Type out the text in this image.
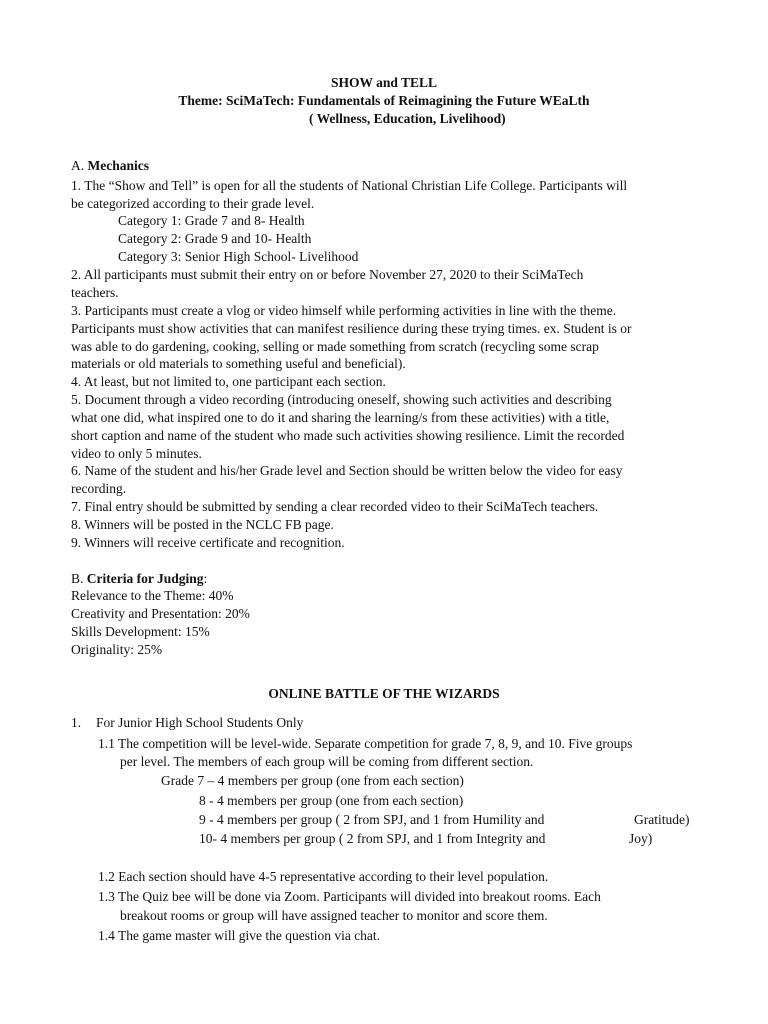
SHOW and TELL
Theme: SciMaTech: Fundamentals of Reimagining the Future WEaLth
( Wellness, Education, Livelihood)
A. Mechanics
1. The “Show and Tell” is open for all the students of National Christian Life College. Participants will
be categorized according to their grade level.
Category 1: Grade 7 and 8- Health
Category 2: Grade 9 and 10- Health
Category 3: Senior High School- Livelihood
2. All participants must submit their entry on or before November 27, 2020 to their SciMaTech
teachers.
3. Participants must create a vlog or video himself while performing activities in line with the theme.
Participants must show activities that can manifest resilience during these trying times. ex. Student is or
was able to do gardening, cooking, selling or made something from scratch (recycling some scrap
materials or old materials to something useful and beneficial).
4. At least, but not limited to, one participant each section.
5. Document through a video recording (introducing oneself, showing such activities and describing
what one did, what inspired one to do it and sharing the learning/s from these activities) with a title,
short caption and name of the student who made such activities showing resilience. Limit the recorded
video to only 5 minutes.
6. Name of the student and his/her Grade level and Section should be written below the video for easy
recording.
7. Final entry should be submitted by sending a clear recorded video to their SciMaTech teachers.
8. Winners will be posted in the NCLC FB page.
9. Winners will receive certificate and recognition.
B. Criteria for Judging:
Relevance to the Theme: 40%
Creativity and Presentation: 20%
Skills Development: 15%
Originality: 25%
ONLINE BATTLE OF THE WIZARDS
1. For Junior High School Students Only
1.1 The competition will be level-wide. Separate competition for grade 7, 8, 9, and 10. Five groups
per level. The members of each group will be coming from different section.
Grade 7 – 4 members per group (one from each section)
8 - 4 members per group (one from each section)
9 - 4 members per group ( 2 from SPJ, and 1 from Humility and	Gratitude)
10- 4 members per group ( 2 from SPJ, and 1 from Integrity and	Joy)
1.2 Each section should have 4-5 representative according to their level population.
1.3 The Quiz bee will be done via Zoom. Participants will divided into breakout rooms. Each
breakout rooms or group will have assigned teacher to monitor and score them.
1.4 The game master will give the question via chat.
